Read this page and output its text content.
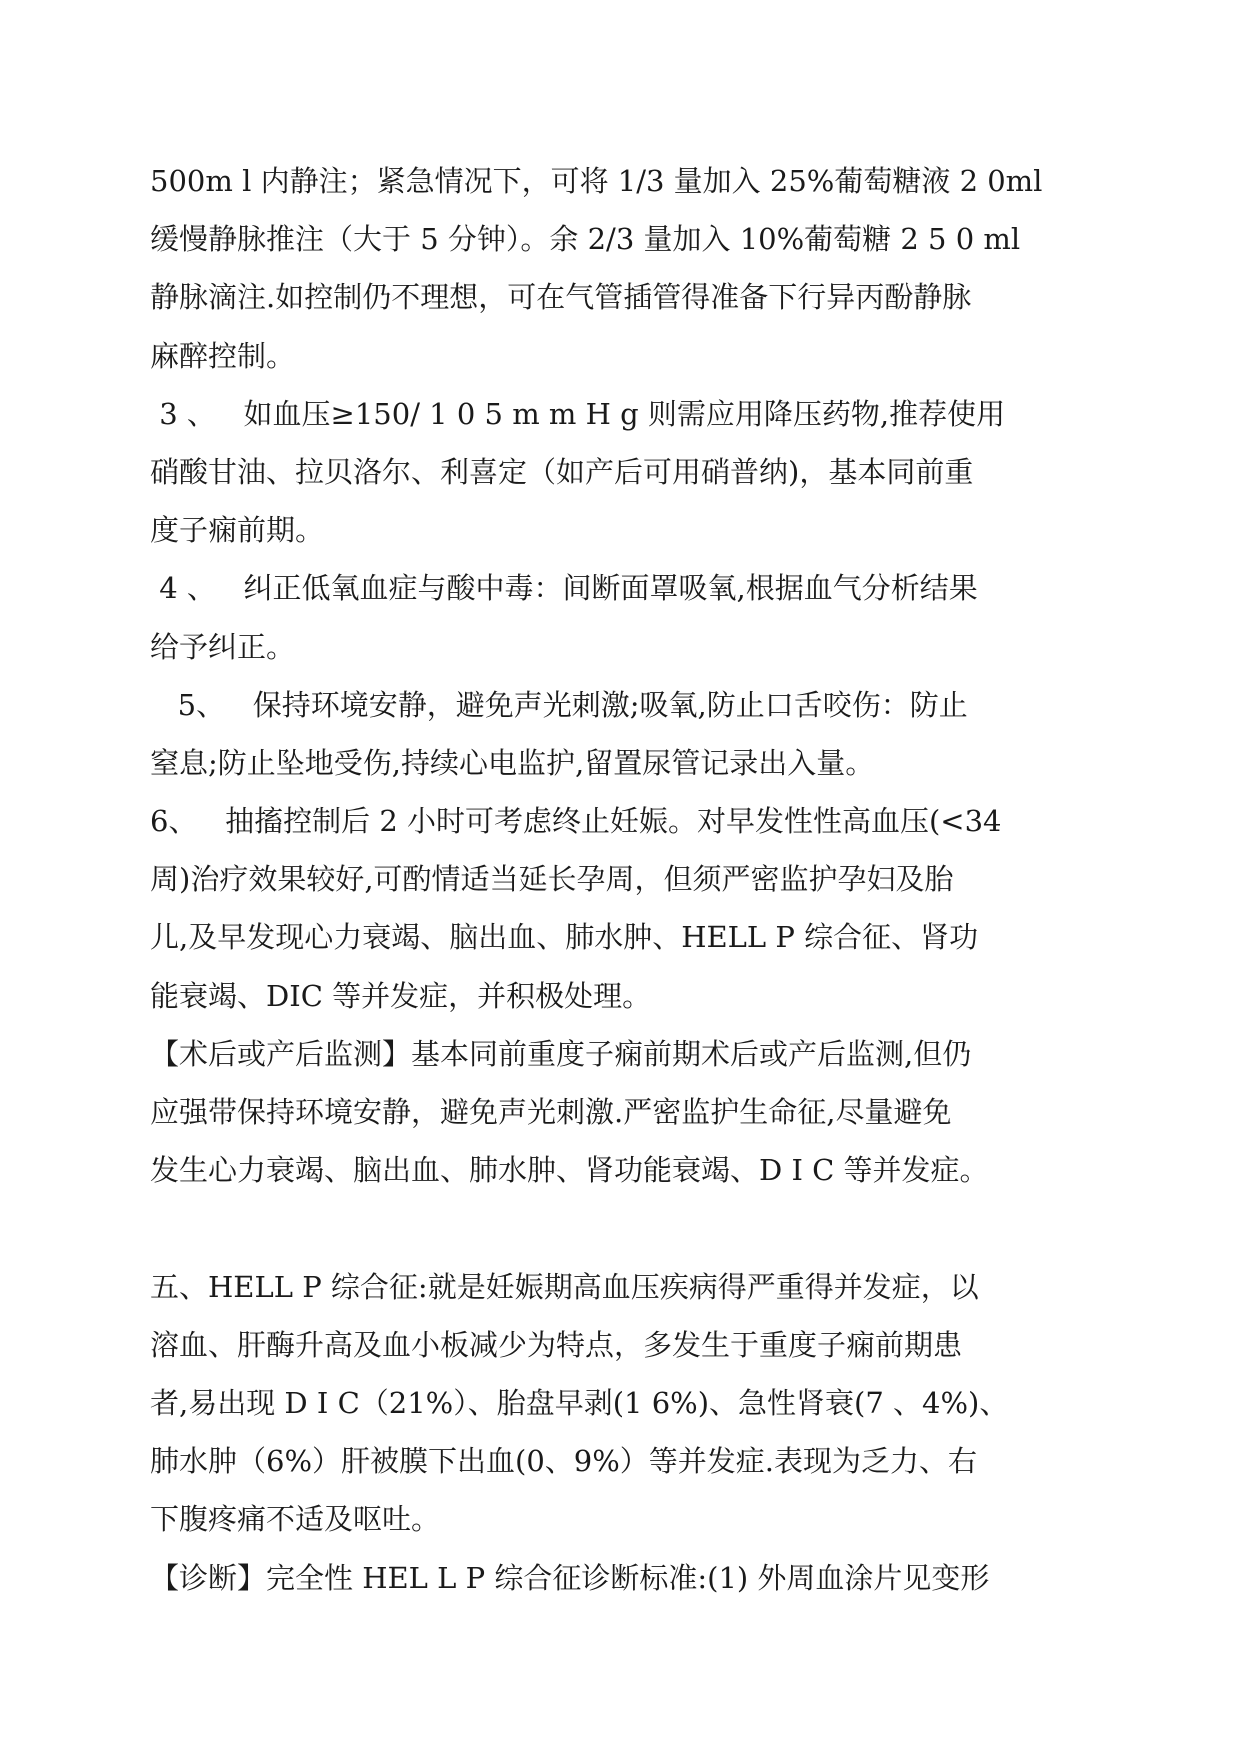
500m l 内静注；紧急情况下，可将 1/3 量加入 25%葡萄糖液 2 0ml
缓慢静脉推注（大于 5 分钟）。余 2/3 量加入 10%葡萄糖 2 5 0 ml
静脉滴注.如控制仍不理想，可在气管插管得准备下行异丙酚静脉
麻醉控制。
3 、   如血压≥150/ 1 0 5 m m H g 则需应用降压药物,推荐使用
硝酸甘油、拉贝洛尔、利喜定（如产后可用硝普纳)，基本同前重
度子痫前期。
4 、   纠正低氧血症与酸中毒：间断面罩吸氧,根据血气分析结果
给予纠正。
5、   保持环境安静，避免声光刺激;吸氧,防止口舌咬伤：防止
窒息;防止坠地受伤,持续心电监护,留置尿管记录出入量。
6、   抽搐控制后 2 小时可考虑终止妊娠。对早发性性高血压(<34
周)治疗效果较好,可酌情适当延长孕周，但须严密监护孕妇及胎
儿,及早发现心力衰竭、脑出血、肺水肿、HELL P 综合征、肾功
能衰竭、DIC 等并发症，并积极处理。
【术后或产后监测】基本同前重度子痫前期术后或产后监测,但仍
应强带保持环境安静，避免声光刺激.严密监护生命征,尽量避免
发生心力衰竭、脑出血、肺水肿、肾功能衰竭、D I C 等并发症。
五、HELL P 综合征:就是妊娠期高血压疾病得严重得并发症，以
溶血、肝酶升高及血小板减少为特点，多发生于重度子痫前期患
者,易出现 D I C（21%）、胎盘早剥(1 6%)、急性肾衰(7 、4%)、
肺水肿（6%）肝被膜下出血(0、9%）等并发症.表现为乏力、右
下腹疼痛不适及呕吐。
【诊断】完全性 HEL L P 综合征诊断标准:(1) 外周血涂片见变形
